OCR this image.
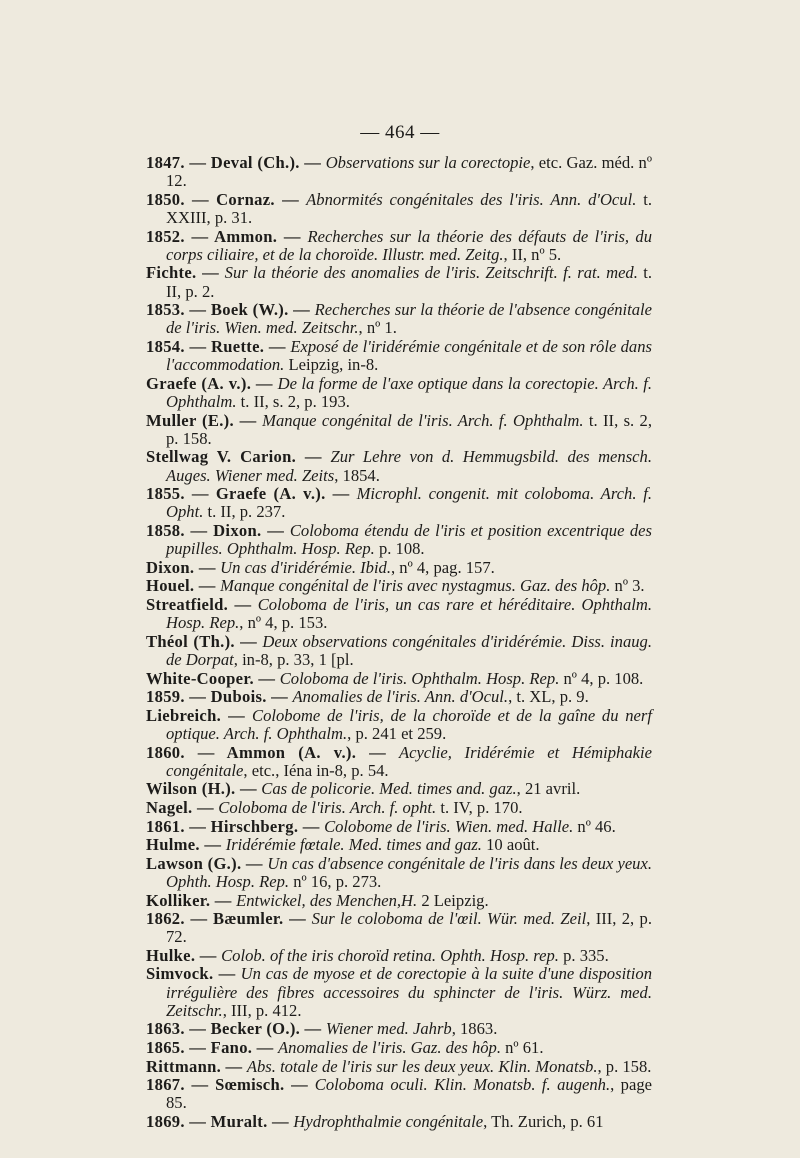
— 464 —

1847. — Deval (Ch.). — Observations sur la corectopie, etc. Gaz. méd. nº 12.

1850. — Cornaz. — Abnormités congénitales des l'iris. Ann. d'Ocul. t. XXIII, p. 31.

1852. — Ammon. — Recherches sur la théorie des défauts de l'iris, du corps ciliaire, et de la choroïde. Illustr. med. Zeitg., II, nº 5.

Fichte. — Sur la théorie des anomalies de l'iris. Zeitschrift. f. rat. med. t. II, p. 2.

1853. — Boek (W.). — Recherches sur la théorie de l'absence congénitale de l'iris. Wien. med. Zeitschr., nº 1.

1854. — Ruette. — Exposé de l'iridérémie congénitale et de son rôle dans l'accommodation. Leipzig, in-8.

Graefe (A. v.). — De la forme de l'axe optique dans la corectopie. Arch. f. Ophthalm. t. II, s. 2, p. 193.

Muller (E.). — Manque congénital de l'iris. Arch. f. Ophthalm. t. II, s. 2, p. 158.

Stellwag V. Carion. — Zur Lehre von d. Hemmugsbild. des mensch. Auges. Wiener med. Zeits, 1854.

1855. — Graefe (A. v.). — Microphl. congenit. mit coloboma. Arch. f. Opht. t. II, p. 237.

1858. — Dixon. — Coloboma étendu de l'iris et position excentrique des pupilles. Ophthalm. Hosp. Rep. p. 108.

Dixon. — Un cas d'iridérémie. Ibid., nº 4, pag. 157.

Houel. — Manque congénital de l'iris avec nystagmus. Gaz. des hôp. nº 3.

Streatfield. — Coloboma de l'iris, un cas rare et héréditaire. Ophthalm. Hosp. Rep., nº 4, p. 153.

Théol (Th.). — Deux observations congénitales d'iridérémie. Diss. inaug. de Dorpat, in-8, p. 33, 1 [pl.

White-Cooper. — Coloboma de l'iris. Ophthalm. Hosp. Rep. nº 4, p. 108.

1859. — Dubois. — Anomalies de l'iris. Ann. d'Ocul., t. XL, p. 9.

Liebreich. — Colobome de l'iris, de la choroïde et de la gaîne du nerf optique. Arch. f. Ophthalm., p. 241 et 259.

1860. — Ammon (A. v.). — Acyclie, Iridérémie et Hémiphakie congénitale, etc., Iéna in-8, p. 54.

Wilson (H.). — Cas de policorie. Med. times and. gaz., 21 avril.

Nagel. — Coloboma de l'iris. Arch. f. opht. t. IV, p. 170.

1861. — Hirschberg. — Colobome de l'iris. Wien. med. Halle. nº 46.

Hulme. — Iridérémie fœtale. Med. times and gaz. 10 août.

Lawson (G.). — Un cas d'absence congénitale de l'iris dans les deux yeux. Ophth. Hosp. Rep. nº 16, p. 273.

Kolliker. — Entwickel, des Menchen,H. 2 Leipzig.

1862. — Bæumler. — Sur le coloboma de l'œil. Wür. med. Zeil, III, 2, p. 72.

Hulke. — Colob. of the iris choroïd retina. Ophth. Hosp. rep. p. 335.

Simvock. — Un cas de myose et de corectopie à la suite d'une disposition irrégulière des fibres accessoires du sphincter de l'iris. Würz. med. Zeitschr., III, p. 412.

1863. — Becker (O.). — Wiener med. Jahrb, 1863.

1865. — Fano. — Anomalies de l'iris. Gaz. des hôp. nº 61.

Rittmann. — Abs. totale de l'iris sur les deux yeux. Klin. Monatsb., p. 158.

1867. — Sœmisch. — Coloboma oculi. Klin. Monatsb. f. augenh., page 85.

1869. — Muralt. — Hydrophthalmie congénitale, Th. Zurich, p. 61
